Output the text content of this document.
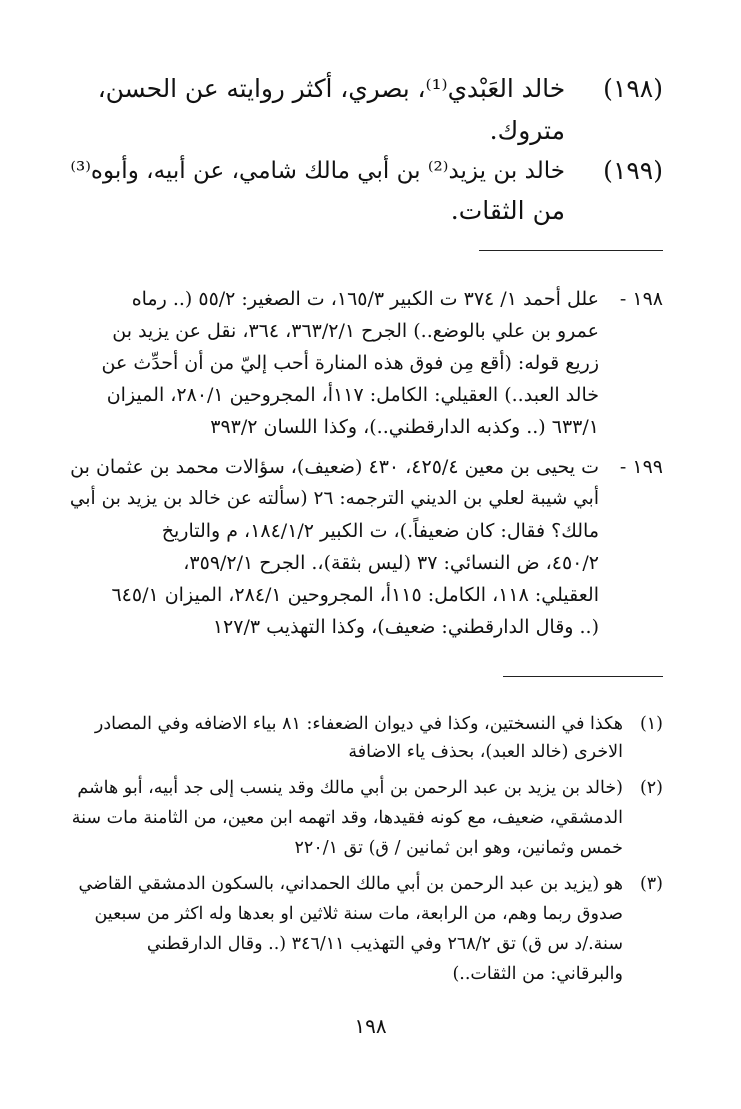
(١٩٨)
خالد العَبْدي⁽¹⁾، بصري، أكثر روايته عن الحسن،
متروك.
(١٩٩)
خالد بن يزيد⁽²⁾ بن أبي مالك شامي، عن أبيه، وأبوه⁽³⁾
من الثقات.
١٩٨ -
علل أحمد ١/ ٣٧٤ ت الكبير ١٦٥/٣، ت الصغير: ٥٥/٢ (.. رماه
عمرو بن علي بالوضع..) الجرح ٣٦٣/٢/١، ٣٦٤، نقل عن يزيد بن
زريع قوله: (أقع مِن فوق هذه المنارة أحب إليّ من أن أحدِّث عن
خالد العبد..) العقيلي: الكامل: ١١٧أ، المجروحين ٢٨٠/١، الميزان
٦٣٣/١ (.. وكذبه الدارقطني..)، وكذا اللسان ٣٩٣/٢
١٩٩ -
ت يحيى بن معين ٤٢٥/٤، ٤٣٠ (ضعيف)، سؤالات محمد بن عثمان بن
أبي شيبة لعلي بن الديني الترجمه: ٢٦ (سألته عن خالد بن يزيد بن أبي
مالك؟ فقال: كان ضعيفاً.)، ت الكبير ١٨٤/١/٢، م والتاريخ
٤٥٠/٢، ض النسائي: ٣٧ (ليس بثقة)،. الجرح ٣٥٩/٢/١،
العقيلي: ١١٨، الكامل: ١١٥أ، المجروحين ٢٨٤/١، الميزان ٦٤٥/١
(.. وقال الدارقطني: ضعيف)، وكذا التهذيب ١٢٧/٣
(١)
هكذا في النسختين، وكذا في ديوان الضعفاء: ٨١ بياء الاضافه وفي المصادر
الاخرى (خالد العبد)، بحذف ياء الاضافة
(٢)
(خالد بن يزيد بن عبد الرحمن بن أبي مالك وقد ينسب إلى جد أبيه، أبو هاشم
الدمشقي، ضعيف، مع كونه فقيدها، وقد اتهمه ابن معين، من الثامنة مات سنة
خمس وثمانين، وهو ابن ثمانين / ق) تق ٢٢٠/١
(٣)
هو (يزيد بن عبد الرحمن بن أبي مالك الحمداني، بالسكون الدمشقي القاضي
صدوق ربما وهم، من الرابعة، مات سنة ثلاثين او بعدها وله اكثر من سبعين
سنة./د س ق) تق ٢٦٨/٢ وفي التهذيب ٣٤٦/١١ (.. وقال الدارقطني
والبرقاني: من الثقات..)
١٩٨
